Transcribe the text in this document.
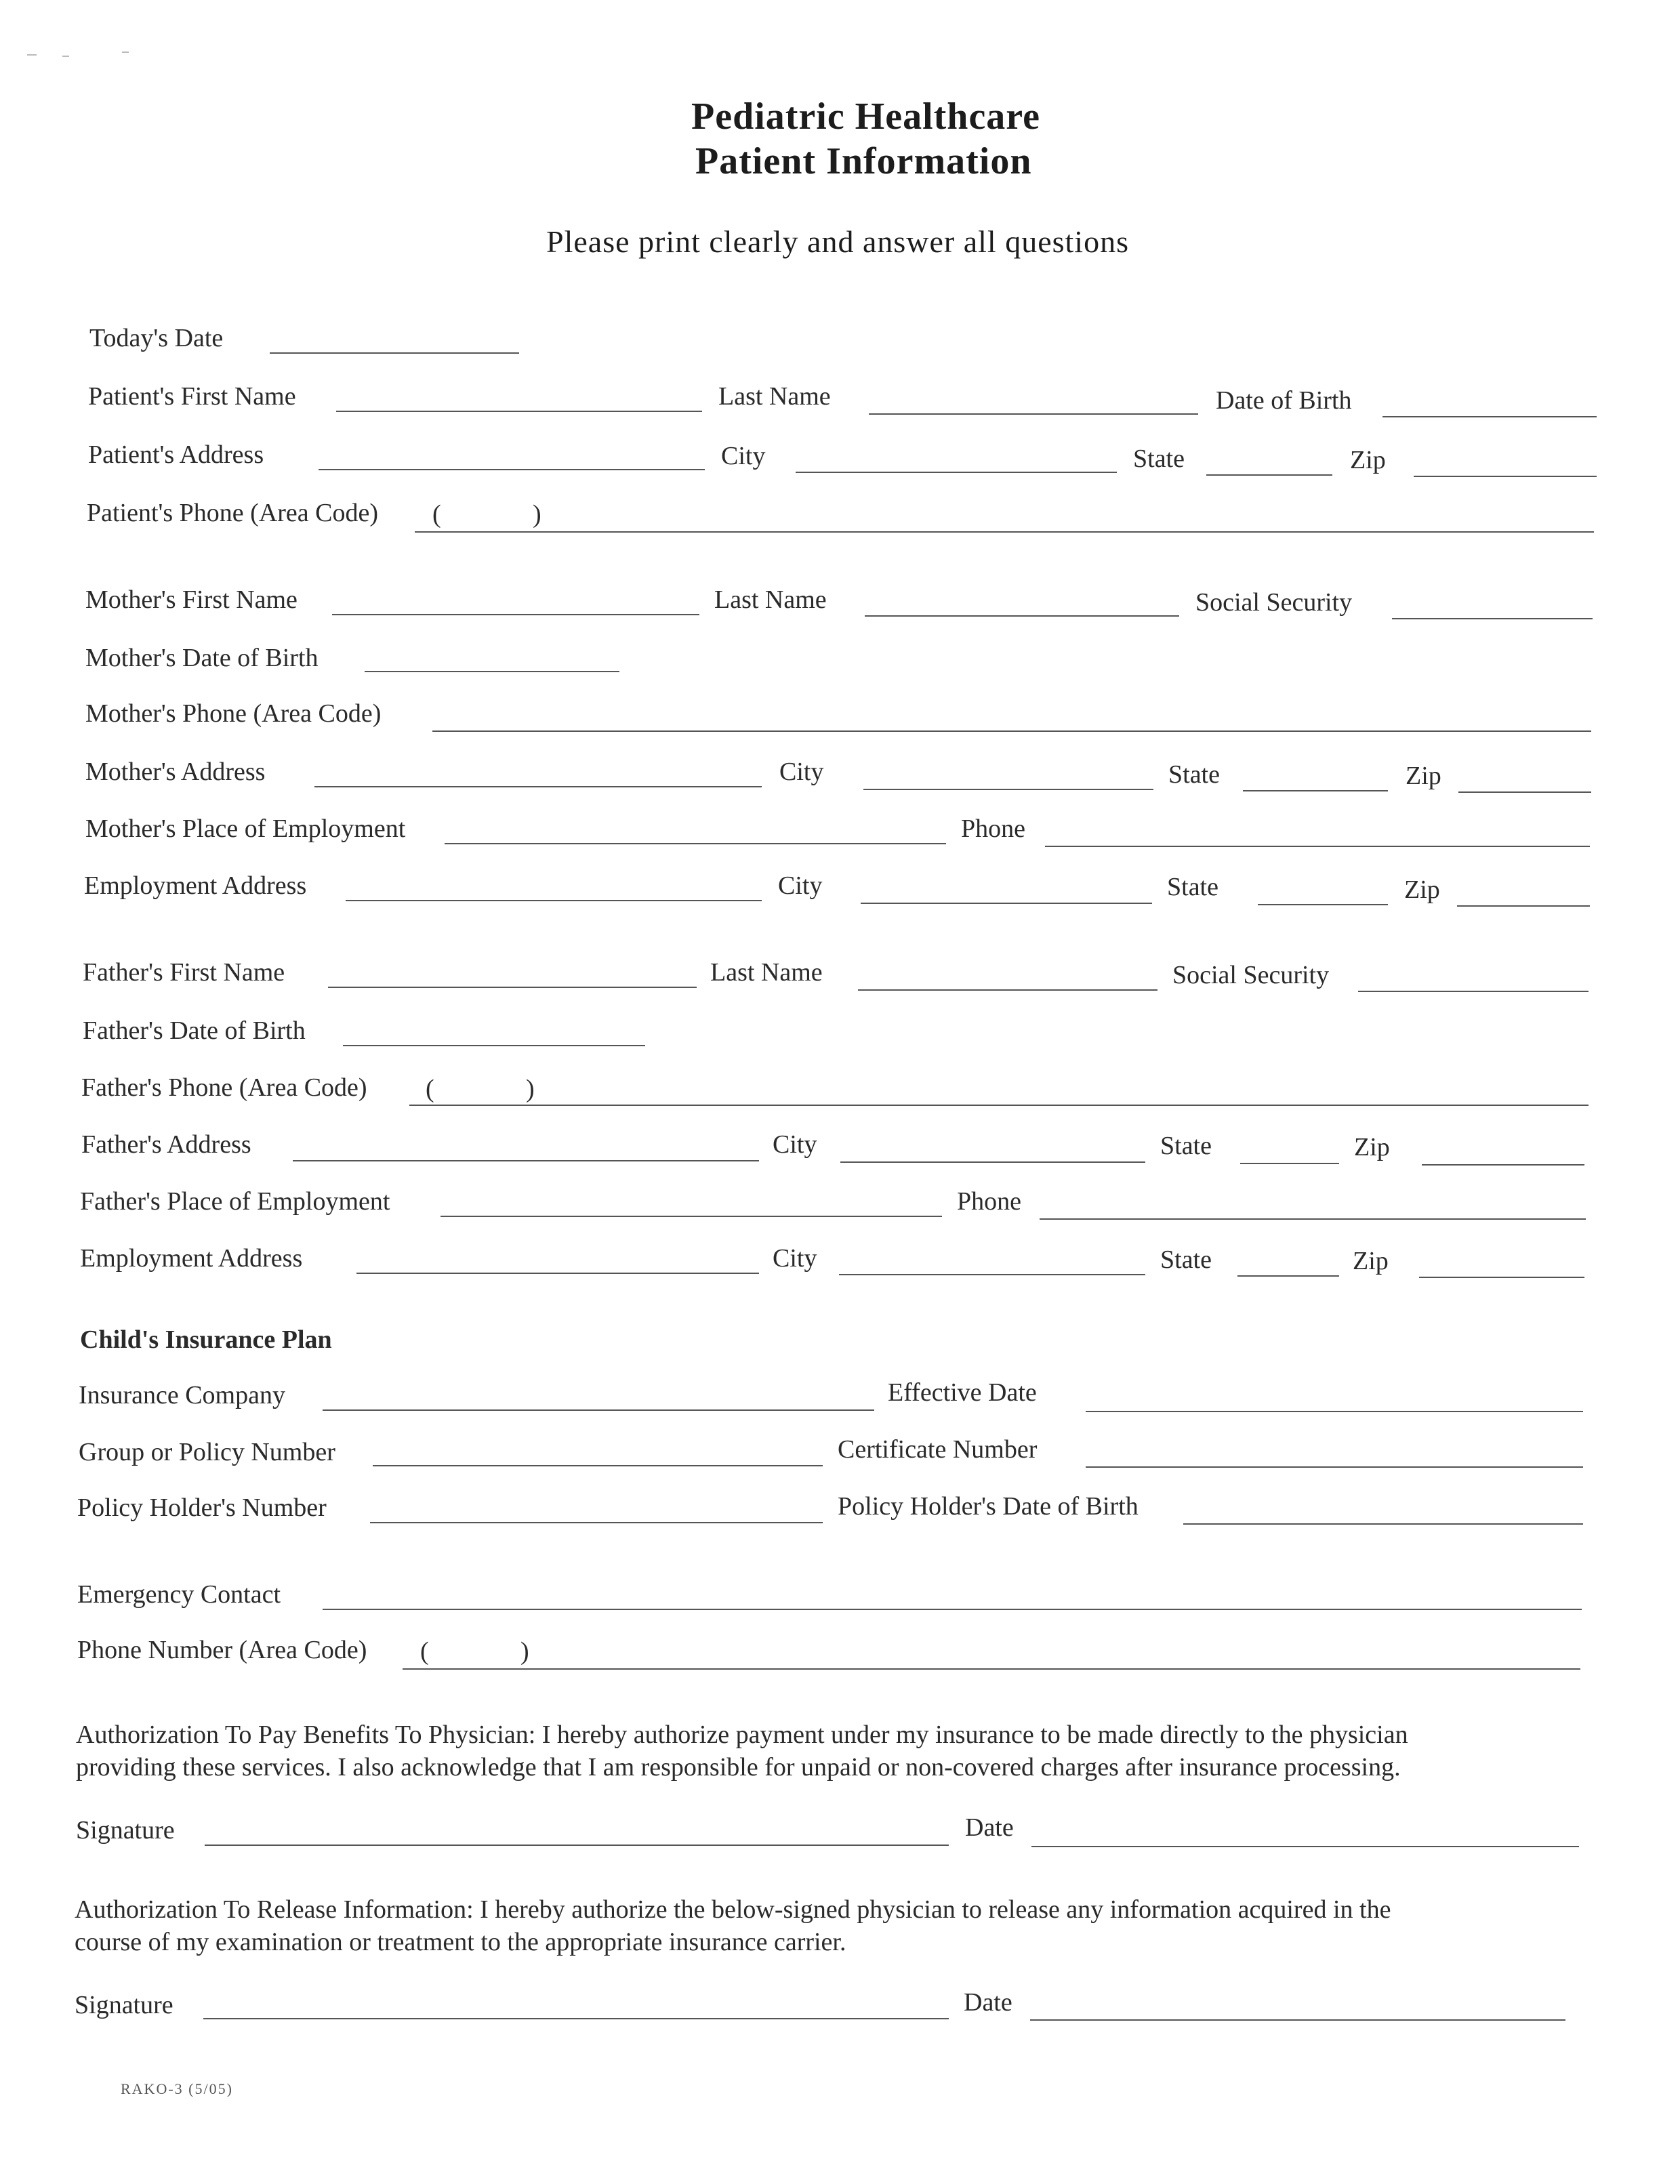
Pediatric Healthcare
Patient Information
Please print clearly and answer all questions
Today's Date
Patient's First Name	Last Name	Date of Birth
Patient's Address	City	State	Zip
Patient's Phone (Area Code) (	)
Mother's First Name	Last Name	Social Security
Mother's Date of Birth
Mother's Phone (Area Code)
Mother's Address	City	State	Zip
Mother's Place of Employment	Phone
Employment Address	City	State	Zip
Father's First Name	Last Name	Social Security
Father's Date of Birth
Father's Phone (Area Code) (	)
Father's Address	City	State	Zip
Father's Place of Employment	Phone
Employment Address	City	State	Zip
Child's Insurance Plan
Insurance Company	Effective Date
Group or Policy Number	Certificate Number
Policy Holder's Number	Policy Holder's Date of Birth
Emergency Contact
Phone Number (Area Code) (	)
Authorization To Pay Benefits To Physician: I hereby authorize payment under my insurance to be made directly to the physician
providing these services. I also acknowledge that I am responsible for unpaid or non-covered charges after insurance processing.
Signature	Date
Authorization To Release Information: I hereby authorize the below-signed physician to release any information acquired in the
course of my examination or treatment to the appropriate insurance carrier.
Signature	Date
RAKO-3 (5/05)
